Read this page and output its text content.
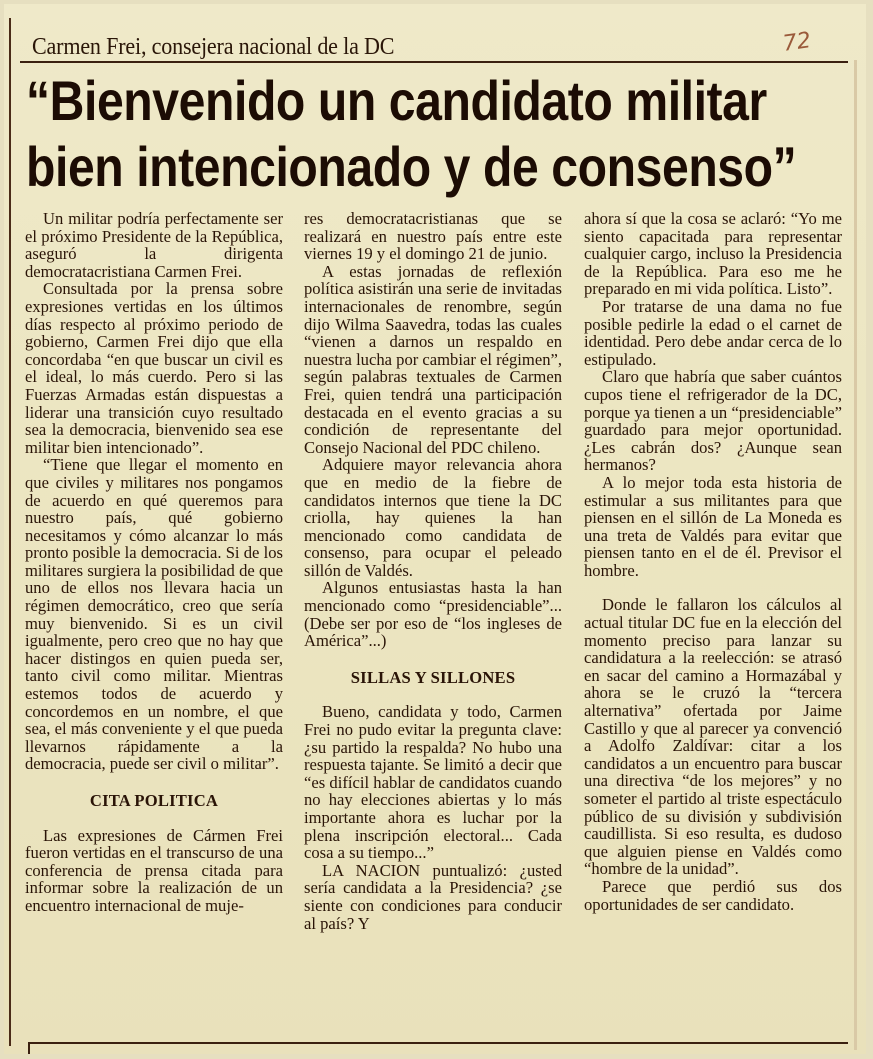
Carmen Frei, consejera nacional de la DC	72
“Bienvenido un candidato militar
bien intencionado y de consenso”

Un militar podría perfectamente ser el próximo Presidente de la República, aseguró la dirigenta democratacristiana Carmen Frei.

Consultada por la prensa sobre expresiones vertidas en los últimos días respecto al próximo periodo de gobierno, Carmen Frei dijo que ella concordaba “en que buscar un civil es el ideal, lo más cuerdo. Pero si las Fuerzas Armadas están dispuestas a liderar una transición cuyo resultado sea la democracia, bienvenido sea ese militar bien intencionado”.

“Tiene que llegar el momento en que civiles y militares nos pongamos de acuerdo en qué queremos para nuestro país, qué gobierno necesitamos y cómo alcanzar lo más pronto posible la democracia. Si de los militares surgiera la posibilidad de que uno de ellos nos llevara hacia un régimen democrático, creo que sería muy bienvenido. Si es un civil igualmente, pero creo que no hay que hacer distingos en quien pueda ser, tanto civil como militar. Mientras estemos todos de acuerdo y concordemos en un nombre, el que sea, el más conveniente y el que pueda llevarnos rápidamente a la democracia, puede ser civil o militar”.

CITA POLITICA

Las expresiones de Cármen Frei fueron vertidas en el transcurso de una conferencia de prensa citada para informar sobre la realización de un encuentro internacional de muje-

res democratacristianas que se realizará en nuestro país entre este viernes 19 y el domingo 21 de junio.

A estas jornadas de reflexión política asistirán una serie de invitadas internacionales de renombre, según dijo Wilma Saavedra, todas las cuales “vienen a darnos un respaldo en nuestra lucha por cambiar el régimen”, según palabras textuales de Carmen Frei, quien tendrá una participación destacada en el evento gracias a su condición de representante del Consejo Nacional del PDC chileno.

Adquiere mayor relevancia ahora que en medio de la fiebre de candidatos internos que tiene la DC criolla, hay quienes la han mencionado como candidata de consenso, para ocupar el peleado sillón de Valdés.

Algunos entusiastas hasta la han mencionado como “presidenciable”... (Debe ser por eso de “los ingleses de América”...)

SILLAS Y SILLONES

Bueno, candidata y todo, Carmen Frei no pudo evitar la pregunta clave: ¿su partido la respalda? No hubo una respuesta tajante. Se limitó a decir que “es difícil hablar de candidatos cuando no hay elecciones abiertas y lo más importante ahora es luchar por la plena inscripción electoral... Cada cosa a su tiempo...”

LA NACION puntualizó: ¿usted sería candidata a la Presidencia? ¿se siente con condiciones para conducir al país? Y

ahora sí que la cosa se aclaró: “Yo me siento capacitada para representar cualquier cargo, incluso la Presidencia de la República. Para eso me he preparado en mi vida política. Listo”.

Por tratarse de una dama no fue posible pedirle la edad o el carnet de identidad. Pero debe andar cerca de lo estipulado.

Claro que habría que saber cuántos cupos tiene el refrigerador de la DC, porque ya tienen a un “presidenciable” guardado para mejor oportunidad. ¿Les cabrán dos? ¿Aunque sean hermanos?

A lo mejor toda esta historia de estimular a sus militantes para que piensen en el sillón de La Moneda es una treta de Valdés para evitar que piensen tanto en el de él. Previsor el hombre.

Donde le fallaron los cálculos al actual titular DC fue en la elección del momento preciso para lanzar su candidatura a la reelección: se atrasó en sacar del camino a Hormazábal y ahora se le cruzó la “tercera alternativa” ofertada por Jaime Castillo y que al parecer ya convenció a Adolfo Zaldívar: citar a los candidatos a un encuentro para buscar una directiva “de los mejores” y no someter el partido al triste espectáculo público de su división y subdivisión caudillista. Si eso resulta, es dudoso que alguien piense en Valdés como “hombre de la unidad”.

Parece que perdió sus dos oportunidades de ser candidato.
